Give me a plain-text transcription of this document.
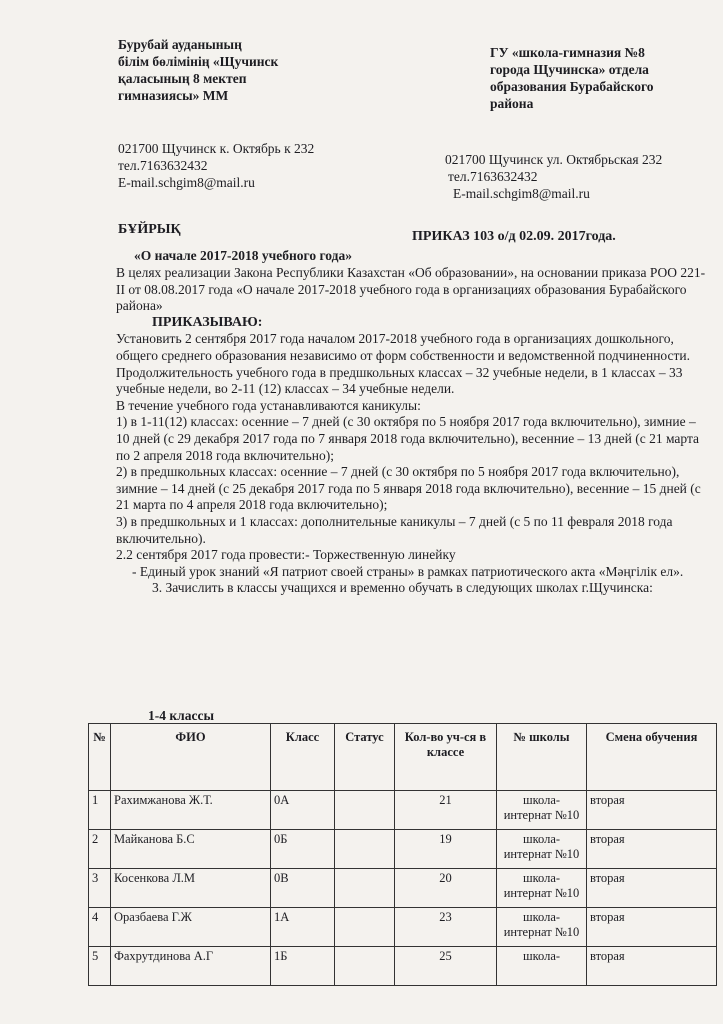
Бурубай ауданының
білім бөлімінің «Щучинск
қаласының 8 мектеп
гимназиясы» ММ
ГУ «школа-гимназия №8
города Щучинска» отдела
образования Бурабайского
района
021700 Щучинск к. Октябрь к 232
тел.7163632432
E-mail.schgim8@mail.ru
021700 Щучинск ул. Октябрьская 232
тел.7163632432
E-mail.schgim8@mail.ru
БҰЙРЫҚ	ПРИКАЗ 103 о/д 02.09. 2017года.
«О начале 2017-2018 учебного года»

В целях реализации Закона Республики Казахстан «Об образовании», на основании приказа РОО 221-II от 08.08.2017 года «О начале 2017-2018 учебного года в организациях образования Бурабайского района»

ПРИКАЗЫВАЮ:

Установить 2 сентября 2017 года началом 2017-2018 учебного года в организациях дошкольного, общего среднего образования независимо от форм собственности и ведомственной подчиненности.

Продолжительность учебного года в предшкольных классах – 32 учебные недели, в 1 классах – 33 учебные недели, во 2-11 (12) классах – 34 учебные недели.

В течение учебного года устанавливаются каникулы:

1) в 1-11(12) классах: осенние – 7 дней (с 30 октября по 5 ноября 2017 года включительно), зимние – 10 дней (с 29 декабря 2017 года по 7 января 2018 года включительно), весенние – 13 дней (с 21 марта по 2 апреля 2018 года включительно);

2) в предшкольных классах: осенние – 7 дней (с 30 октября по 5 ноября 2017 года включительно), зимние – 14 дней (с 25 декабря 2017 года по 5 января 2018 года включительно), весенние – 15 дней (с 21 марта по 4 апреля 2018 года включительно);

3) в предшкольных и 1 классах: дополнительные каникулы – 7 дней (с 5 по 11 февраля 2018 года включительно).

2.2 сентября 2017 года провести:- Торжественную линейку

- Единый урок знаний «Я патриот своей страны» в рамках патриотического акта «Мәңгілік ел».

3. Зачислить в классы учащихся и временно обучать в следующих школах г.Щучинска:

1-4 классы
№	ФИО	Класс	Статус	Кол-во уч-ся в классе	№ школы	Смена обучения
1	Рахимжанова Ж.Т.	0А		21	школа-интернат №10	вторая
2	Майканова Б.С	0Б		19	школа-интернат №10	вторая
3	Косенкова Л.М	0В		20	школа-интернат №10	вторая
4	Оразбаева Г.Ж	1А		23	школа-интернат №10	вторая
5	Фахрутдинова А.Г	1Б		25	школа-	вторая
